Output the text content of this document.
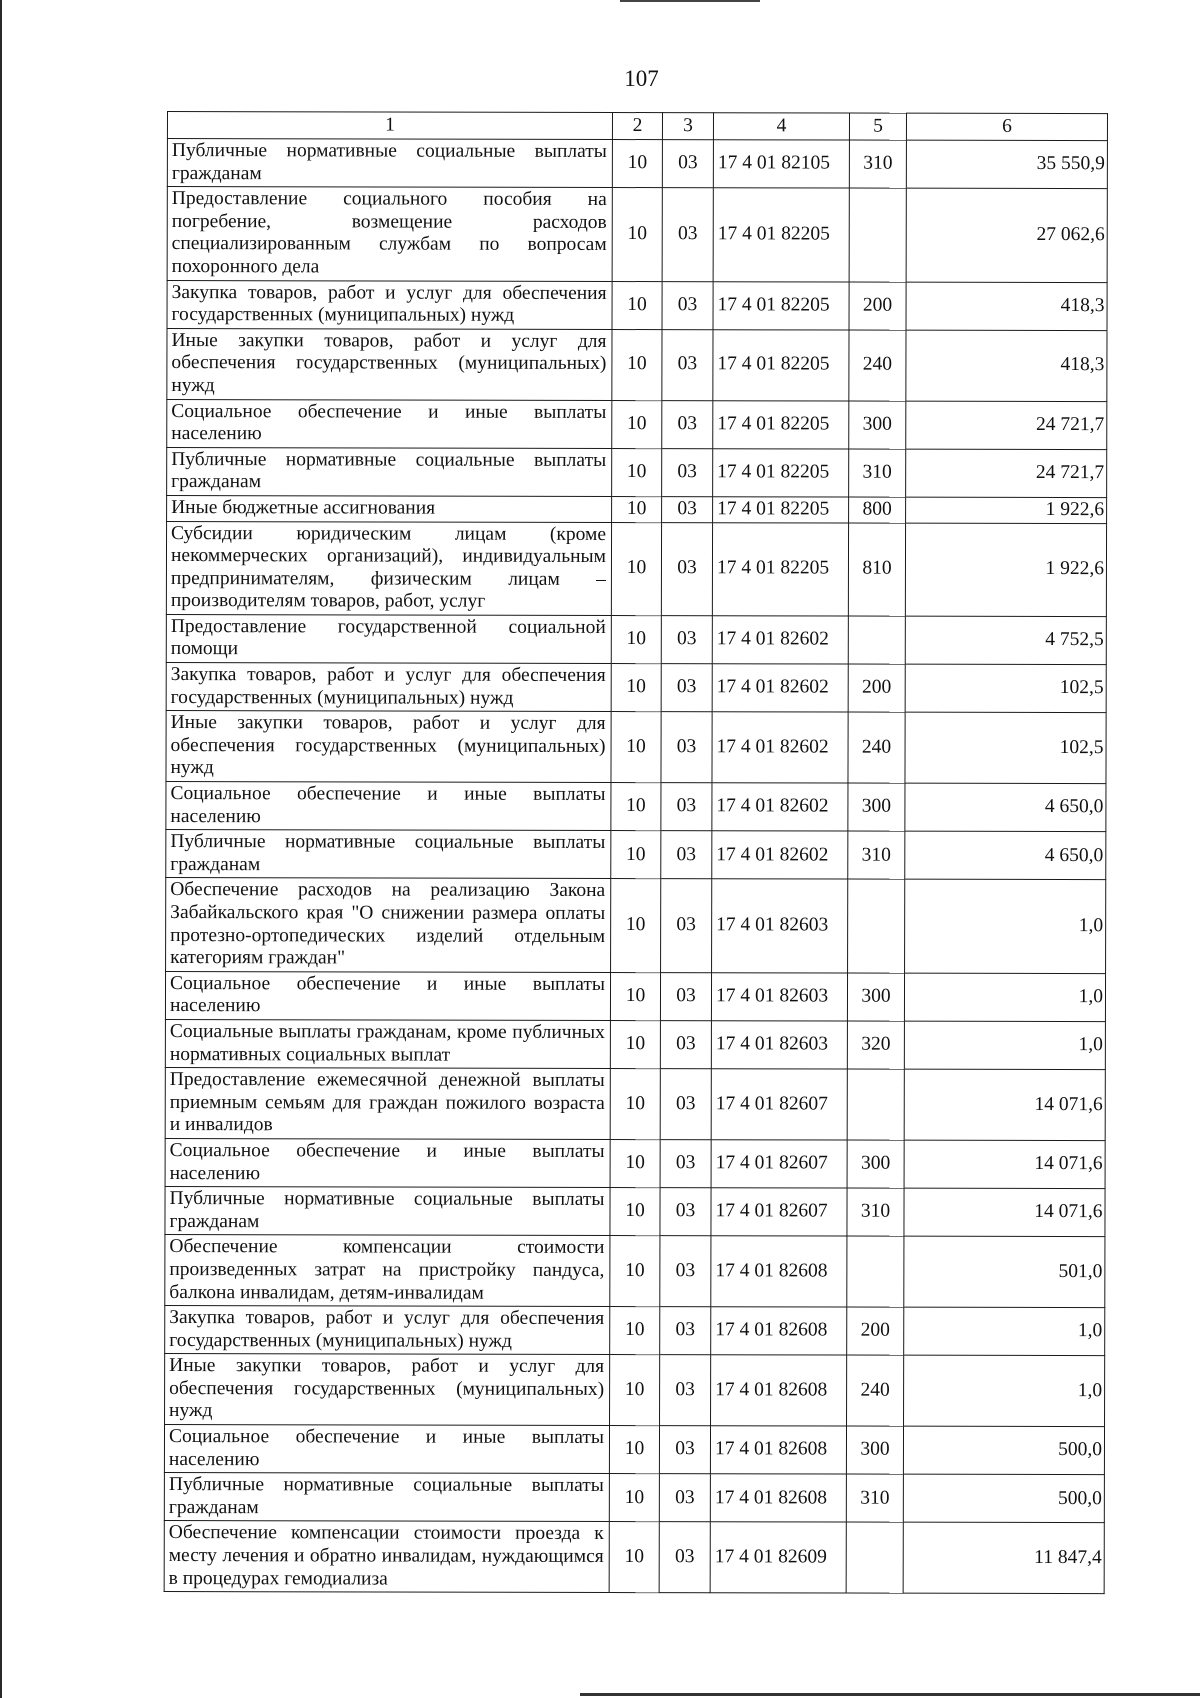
107
1	2	3	4	5	6
Публичные нормативные социальные выплаты гражданам	10	03	17 4 01 82105	310	35 550,9
Предоставление социального пособия на погребение, возмещение расходов специализированным службам по вопросам похоронного дела	10	03	17 4 01 82205		27 062,6
Закупка товаров, работ и услуг для обеспечения государственных (муниципальных) нужд	10	03	17 4 01 82205	200	418,3
Иные закупки товаров, работ и услуг для обеспечения государственных (муниципальных) нужд	10	03	17 4 01 82205	240	418,3
Социальное обеспечение и иные выплаты населению	10	03	17 4 01 82205	300	24 721,7
Публичные нормативные социальные выплаты гражданам	10	03	17 4 01 82205	310	24 721,7
Иные бюджетные ассигнования	10	03	17 4 01 82205	800	1 922,6
Субсидии юридическим лицам (кроме некоммерческих организаций), индивидуальным предпринимателям, физическим лицам – производителям товаров, работ, услуг	10	03	17 4 01 82205	810	1 922,6
Предоставление государственной социальной помощи	10	03	17 4 01 82602		4 752,5
Закупка товаров, работ и услуг для обеспечения государственных (муниципальных) нужд	10	03	17 4 01 82602	200	102,5
Иные закупки товаров, работ и услуг для обеспечения государственных (муниципальных) нужд	10	03	17 4 01 82602	240	102,5
Социальное обеспечение и иные выплаты населению	10	03	17 4 01 82602	300	4 650,0
Публичные нормативные социальные выплаты гражданам	10	03	17 4 01 82602	310	4 650,0
Обеспечение расходов на реализацию Закона Забайкальского края "О снижении размера оплаты протезно-ортопедических изделий отдельным категориям граждан"	10	03	17 4 01 82603		1,0
Социальное обеспечение и иные выплаты населению	10	03	17 4 01 82603	300	1,0
Социальные выплаты гражданам, кроме публичных нормативных социальных выплат	10	03	17 4 01 82603	320	1,0
Предоставление ежемесячной денежной выплаты приемным семьям для граждан пожилого возраста и инвалидов	10	03	17 4 01 82607		14 071,6
Социальное обеспечение и иные выплаты населению	10	03	17 4 01 82607	300	14 071,6
Публичные нормативные социальные выплаты гражданам	10	03	17 4 01 82607	310	14 071,6
Обеспечение компенсации стоимости произведенных затрат на пристройку пандуса, балкона инвалидам, детям-инвалидам	10	03	17 4 01 82608		501,0
Закупка товаров, работ и услуг для обеспечения государственных (муниципальных) нужд	10	03	17 4 01 82608	200	1,0
Иные закупки товаров, работ и услуг для обеспечения государственных (муниципальных) нужд	10	03	17 4 01 82608	240	1,0
Социальное обеспечение и иные выплаты населению	10	03	17 4 01 82608	300	500,0
Публичные нормативные социальные выплаты гражданам	10	03	17 4 01 82608	310	500,0
Обеспечение компенсации стоимости проезда к месту лечения и обратно инвалидам, нуждающимся в процедурах гемодиализа	10	03	17 4 01 82609		11 847,4
